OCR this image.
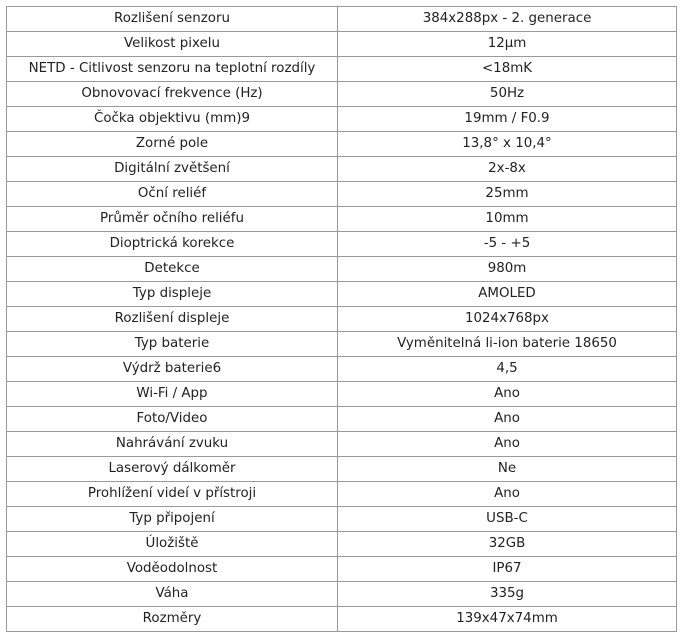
Rozlišení senzoru	384x288px - 2. generace
Velikost pixelu	12μm
NETD - Citlivost senzoru na teplotní rozdíly	<18mK
Obnovovací frekvence (Hz)	50Hz
Čočka objektivu (mm)9	19mm / F0.9
Zorné pole	13,8° x 10,4°
Digitální zvětšení	2x-8x
Oční reliéf	25mm
Průměr očního reliéfu	10mm
Dioptrická korekce	-5 - +5
Detekce	980m
Typ displeje	AMOLED
Rozlišení displeje	1024x768px
Typ baterie	Vyměnitelná li-ion baterie 18650
Výdrž baterie6	4,5
Wi-Fi / App	Ano
Foto/Video	Ano
Nahrávání zvuku	Ano
Laserový dálkoměr	Ne
Prohlížení videí v přístroji	Ano
Typ připojení	USB-C
Úložiště	32GB
Voděodolnost	IP67
Váha	335g
Rozměry	139x47x74mm
